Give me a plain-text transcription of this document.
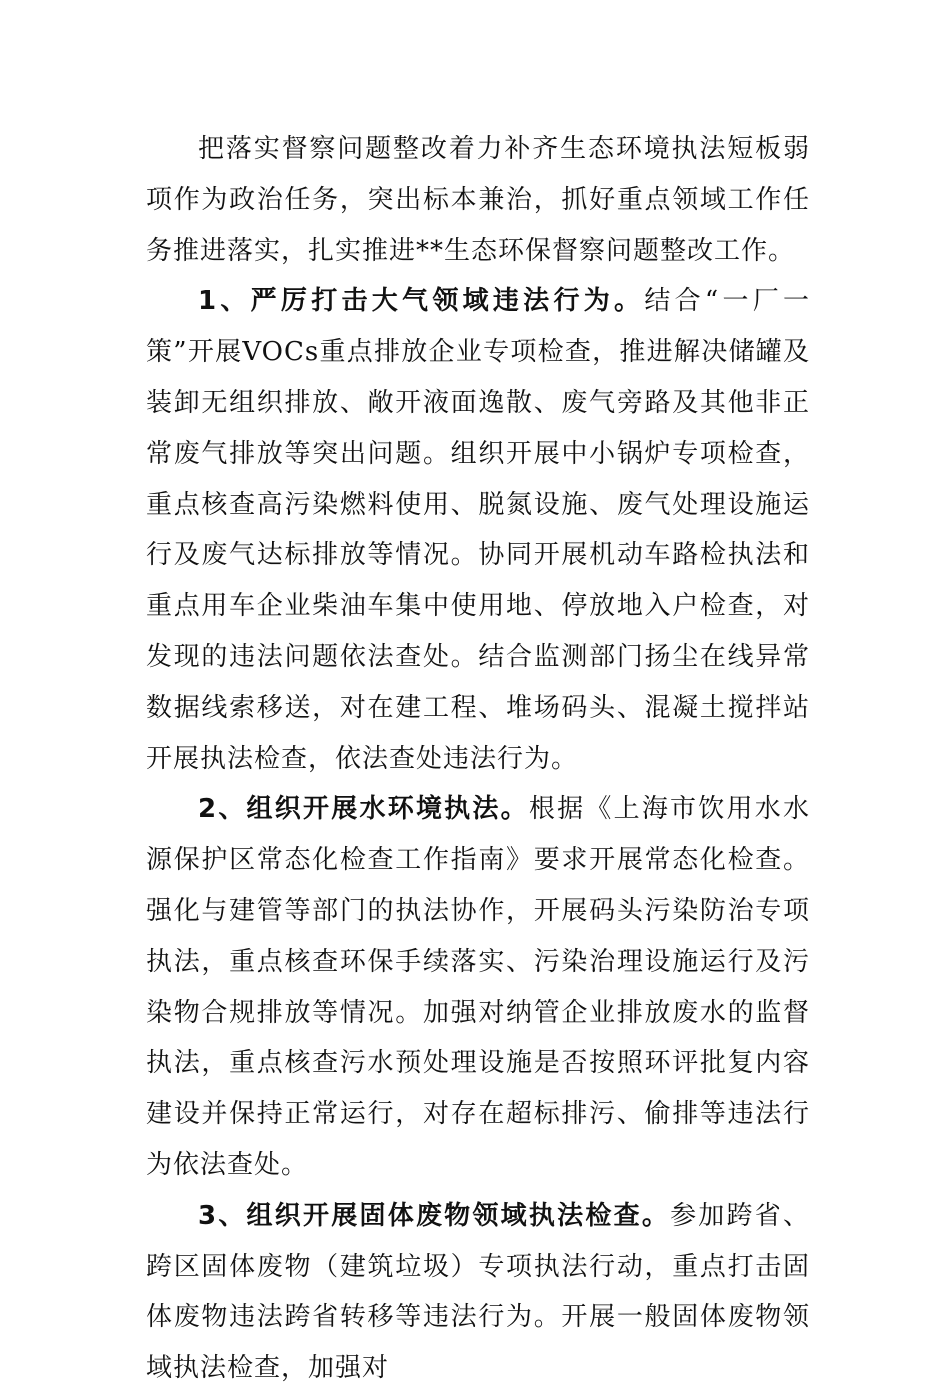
把落实督察问题整改着力补齐生态环境执法短板弱项作为政治任务，突出标本兼治，抓好重点领域工作任务推进落实，扎实推进**生态环保督察问题整改工作。

1、严厉打击大气领域违法行为。结合“一厂一策”开展VOCs重点排放企业专项检查，推进解决储罐及装卸无组织排放、敞开液面逸散、废气旁路及其他非正常废气排放等突出问题。组织开展中小锅炉专项检查，重点核查高污染燃料使用、脱氮设施、废气处理设施运行及废气达标排放等情况。协同开展机动车路检执法和重点用车企业柴油车集中使用地、停放地入户检查，对发现的违法问题依法查处。结合监测部门扬尘在线异常数据线索移送，对在建工程、堆场码头、混凝土搅拌站开展执法检查，依法查处违法行为。

2、组织开展水环境执法。根据《上海市饮用水水源保护区常态化检查工作指南》要求开展常态化检查。强化与建管等部门的执法协作，开展码头污染防治专项执法，重点核查环保手续落实、污染治理设施运行及污染物合规排放等情况。加强对纳管企业排放废水的监督执法，重点核查污水预处理设施是否按照环评批复内容建设并保持正常运行，对存在超标排污、偷排等违法行为依法查处。

3、组织开展固体废物领域执法检查。参加跨省、跨区固体废物（建筑垃圾）专项执法行动，重点打击固体废物违法跨省转移等违法行为。开展一般固体废物领域执法检查，加强对
